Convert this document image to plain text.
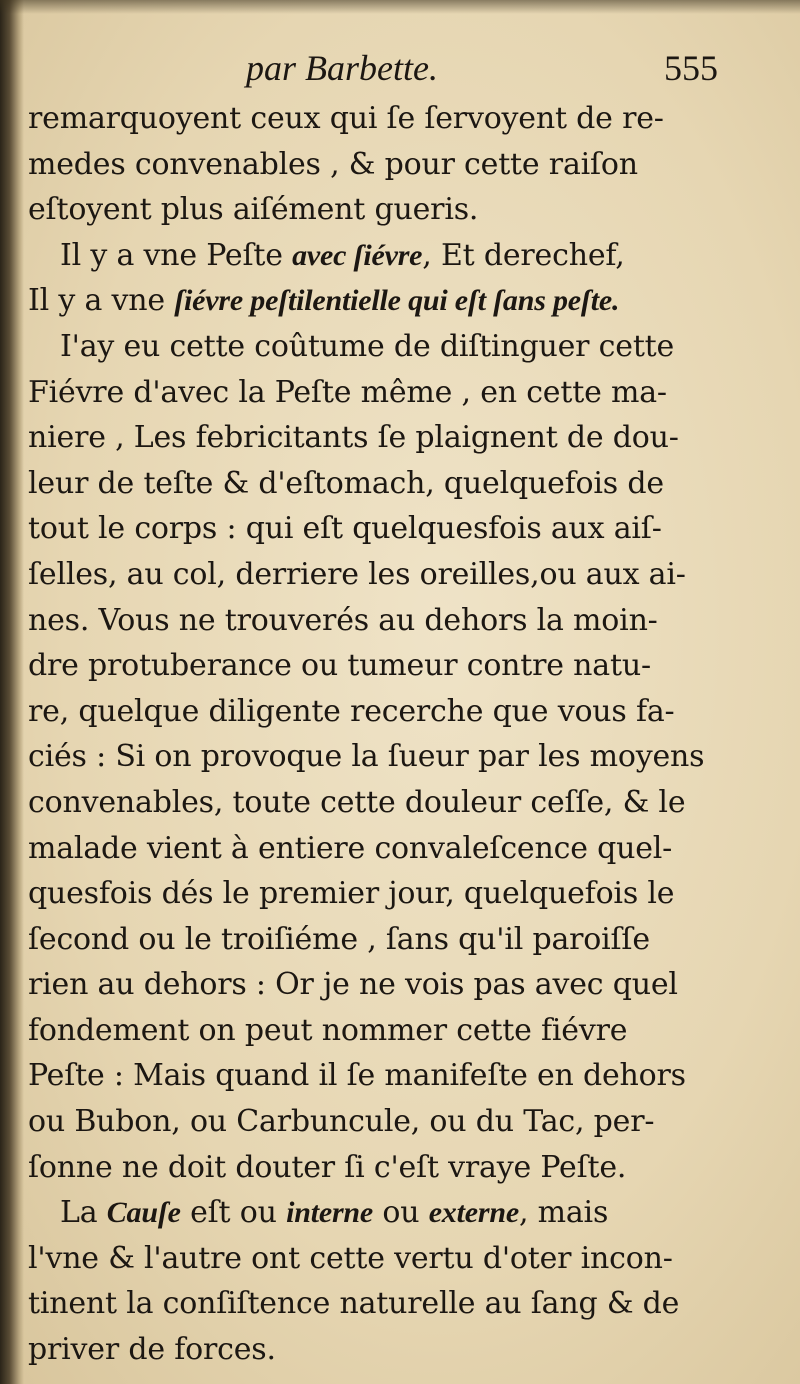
par Barbette.	555
remarquoyent ceux qui ſe ſervoyent de re-
medes convenables , & pour cette raiſon
eſtoyent plus aiſément gueris.
Il y a vne Peſte avec ſiévre, Et derechef,
Il y a vne ſiévre peſtilentielle qui eſt ſans peſte.
I'ay eu cette coûtume de diſtinguer cette
Fiévre d'avec la Peſte même , en cette ma-
niere , Les febricitants ſe plaignent de dou-
leur de teſte & d'eſtomach, quelquefois de
tout le corps : qui eſt quelquesfois aux aiſ-
ſelles, au col, derriere les oreilles,ou aux ai-
nes. Vous ne trouverés au dehors la moin-
dre protuberance ou tumeur contre natu-
re, quelque diligente recerche que vous fa-
ciés : Si on provoque la ſueur par les moyens
convenables, toute cette douleur ceſſe, & le
malade vient à entiere convaleſcence quel-
quesfois dés le premier jour, quelquefois le
ſecond ou le troiſiéme , ſans qu'il paroiſſe
rien au dehors : Or je ne vois pas avec quel
fondement on peut nommer cette fiévre
Peſte : Mais quand il ſe manifeſte en dehors
ou Bubon, ou Carbuncule, ou du Tac, per-
ſonne ne doit douter ſi c'eſt vraye Peſte.
La Cauſe eſt ou interne ou externe, mais
l'vne & l'autre ont cette vertu d'oter incon-
tinent la conſiſtence naturelle au ſang & de
priver de forces.
